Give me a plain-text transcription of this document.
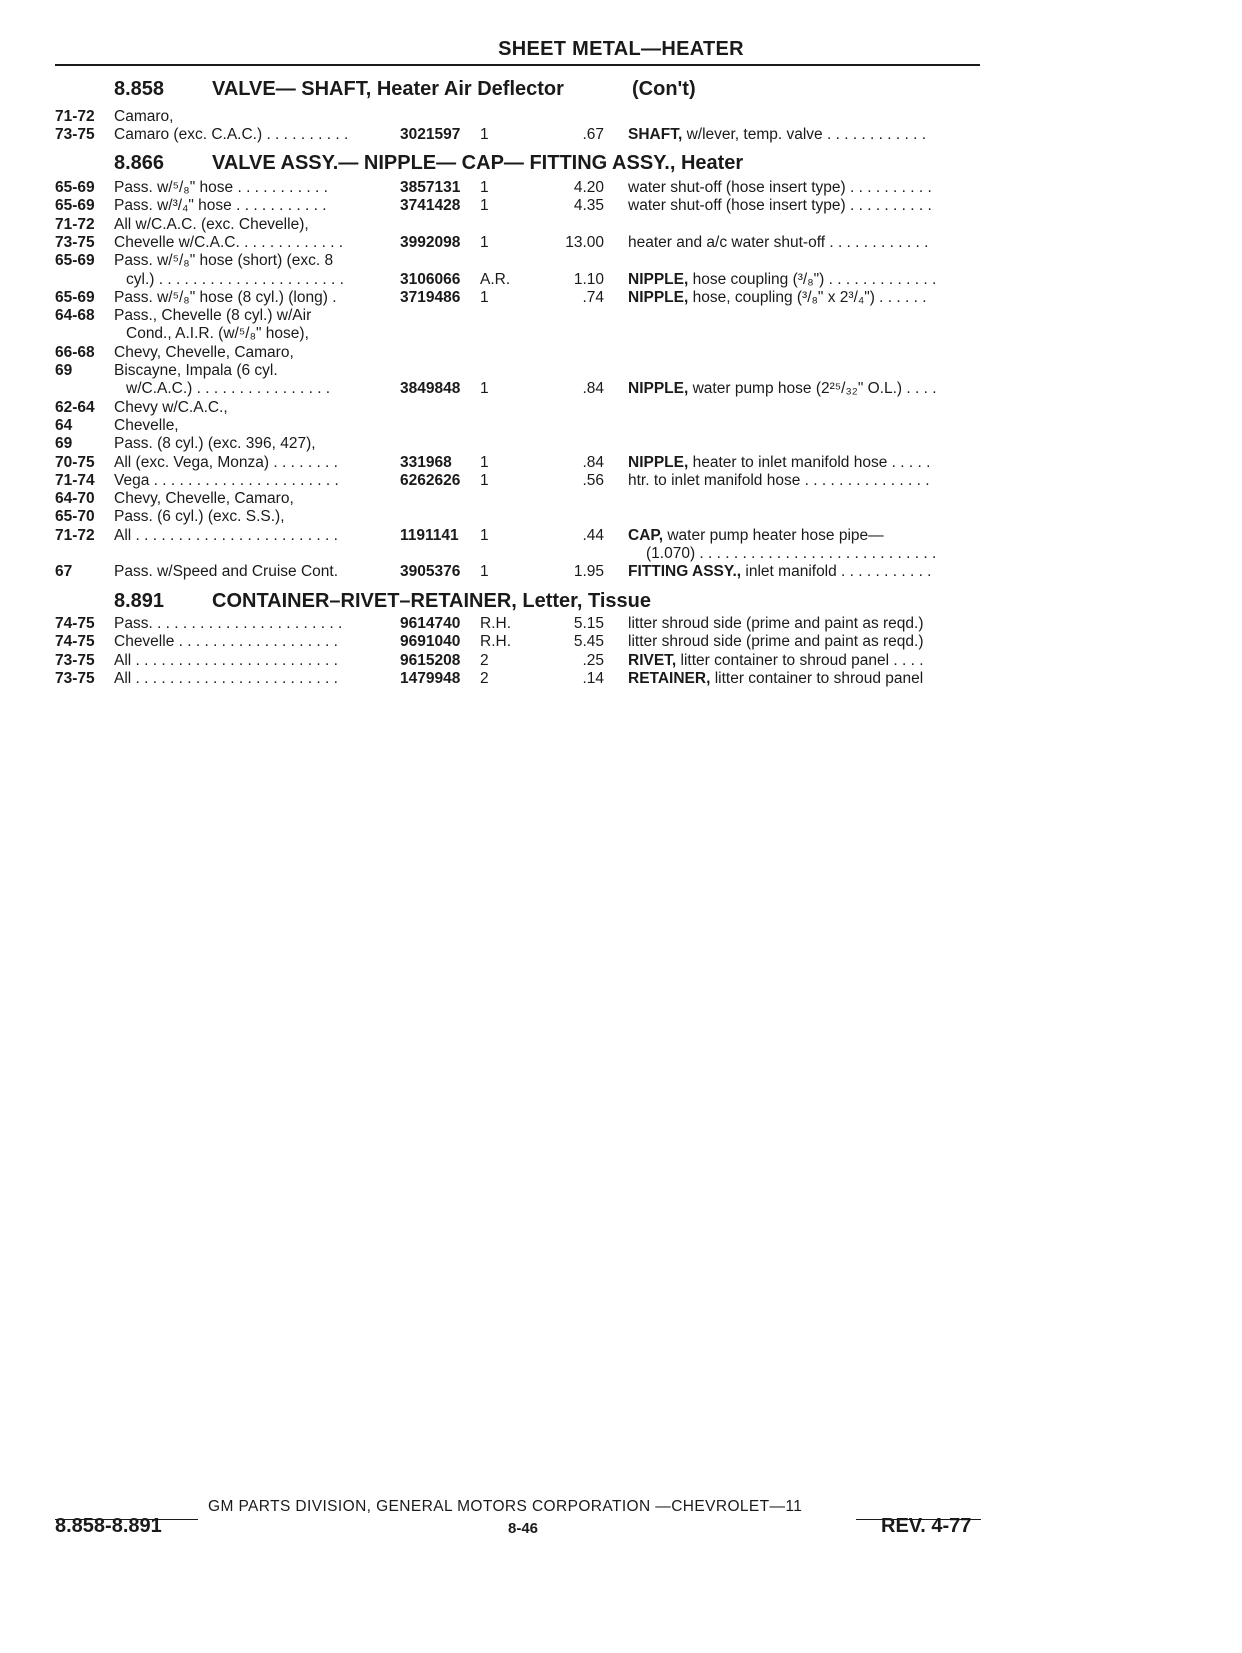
SHEET METAL—HEATER
8.858 VALVE— SHAFT, Heater Air Deflector	(Con't)
71-72 Camaro,
73-75 Camaro (exc. C.A.C.) . . . . . . . . . .	3021597 1	.67 SHAFT, w/lever, temp. valve . . . . . . . . . . . .
8.866 VALVE ASSY.— NIPPLE— CAP— FITTING ASSY., Heater
65-69 Pass. w/⁵/₈" hose . . . . . . . . . . .	3857131 1	4.20 water shut-off (hose insert type) . . . . . . . . . .
65-69 Pass. w/³/₄" hose . . . . . . . . . . .	3741428 1	4.35 water shut-off (hose insert type) . . . . . . . . . .
71-72 All w/C.A.C. (exc. Chevelle),
73-75 Chevelle w/C.A.C. . . . . . . . . . . . .	3992098 1	13.00 heater and a/c water shut-off . . . . . . . . . . . .
65-69 Pass. w/⁵/₈" hose (short) (exc. 8
cyl.) . . . . . . . . . . . . . . . . . . . . . .	3106066 A.R.	1.10 NIPPLE, hose coupling (³/₈") . . . . . . . . . . . . .
65-69 Pass. w/⁵/₈" hose (8 cyl.) (long) .	3719486 1	.74 NIPPLE, hose, coupling (³/₈" x 2³/₄") . . . . . .
64-68 Pass., Chevelle (8 cyl.) w/Air
Cond., A.I.R. (w/⁵/₈" hose),
66-68 Chevy, Chevelle, Camaro,
69	Biscayne, Impala (6 cyl.
w/C.A.C.) . . . . . . . . . . . . . . . .	3849848 1	.84 NIPPLE, water pump hose (2²⁵/₃₂" O.L.) . . . .
62-64 Chevy w/C.A.C.,
64	Chevelle,
69	Pass. (8 cyl.) (exc. 396, 427),
70-75 All (exc. Vega, Monza) . . . . . . . .	331968 1	.84 NIPPLE, heater to inlet manifold hose . . . . .
71-74 Vega . . . . . . . . . . . . . . . . . . . . . .	6262626 1	.56 htr. to inlet manifold hose . . . . . . . . . . . . . . .
64-70 Chevy, Chevelle, Camaro,
65-70 Pass. (6 cyl.) (exc. S.S.),
71-72 All . . . . . . . . . . . . . . . . . . . . . . . .	1191141 1	.44 CAP, water pump heater hose pipe—
(1.070) . . . . . . . . . . . . . . . . . . . . . . . . . . . .
67	Pass. w/Speed and Cruise Cont.	3905376 1	1.95 FITTING ASSY., inlet manifold . . . . . . . . . . .
8.891 CONTAINER–RIVET–RETAINER, Letter, Tissue
74-75 Pass. . . . . . . . . . . . . . . . . . . . . . .	9614740 R.H.	5.15 litter shroud side (prime and paint as reqd.)
74-75 Chevelle . . . . . . . . . . . . . . . . . . .	9691040 R.H.	5.45 litter shroud side (prime and paint as reqd.)
73-75 All . . . . . . . . . . . . . . . . . . . . . . . .	9615208 2	.25 RIVET, litter container to shroud panel . . . .
73-75 All . . . . . . . . . . . . . . . . . . . . . . . .	1479948 2	.14 RETAINER, litter container to shroud panel
GM PARTS DIVISION, GENERAL MOTORS CORPORATION —CHEVROLET—11
8.858-8.891	8-46	REV. 4-77
